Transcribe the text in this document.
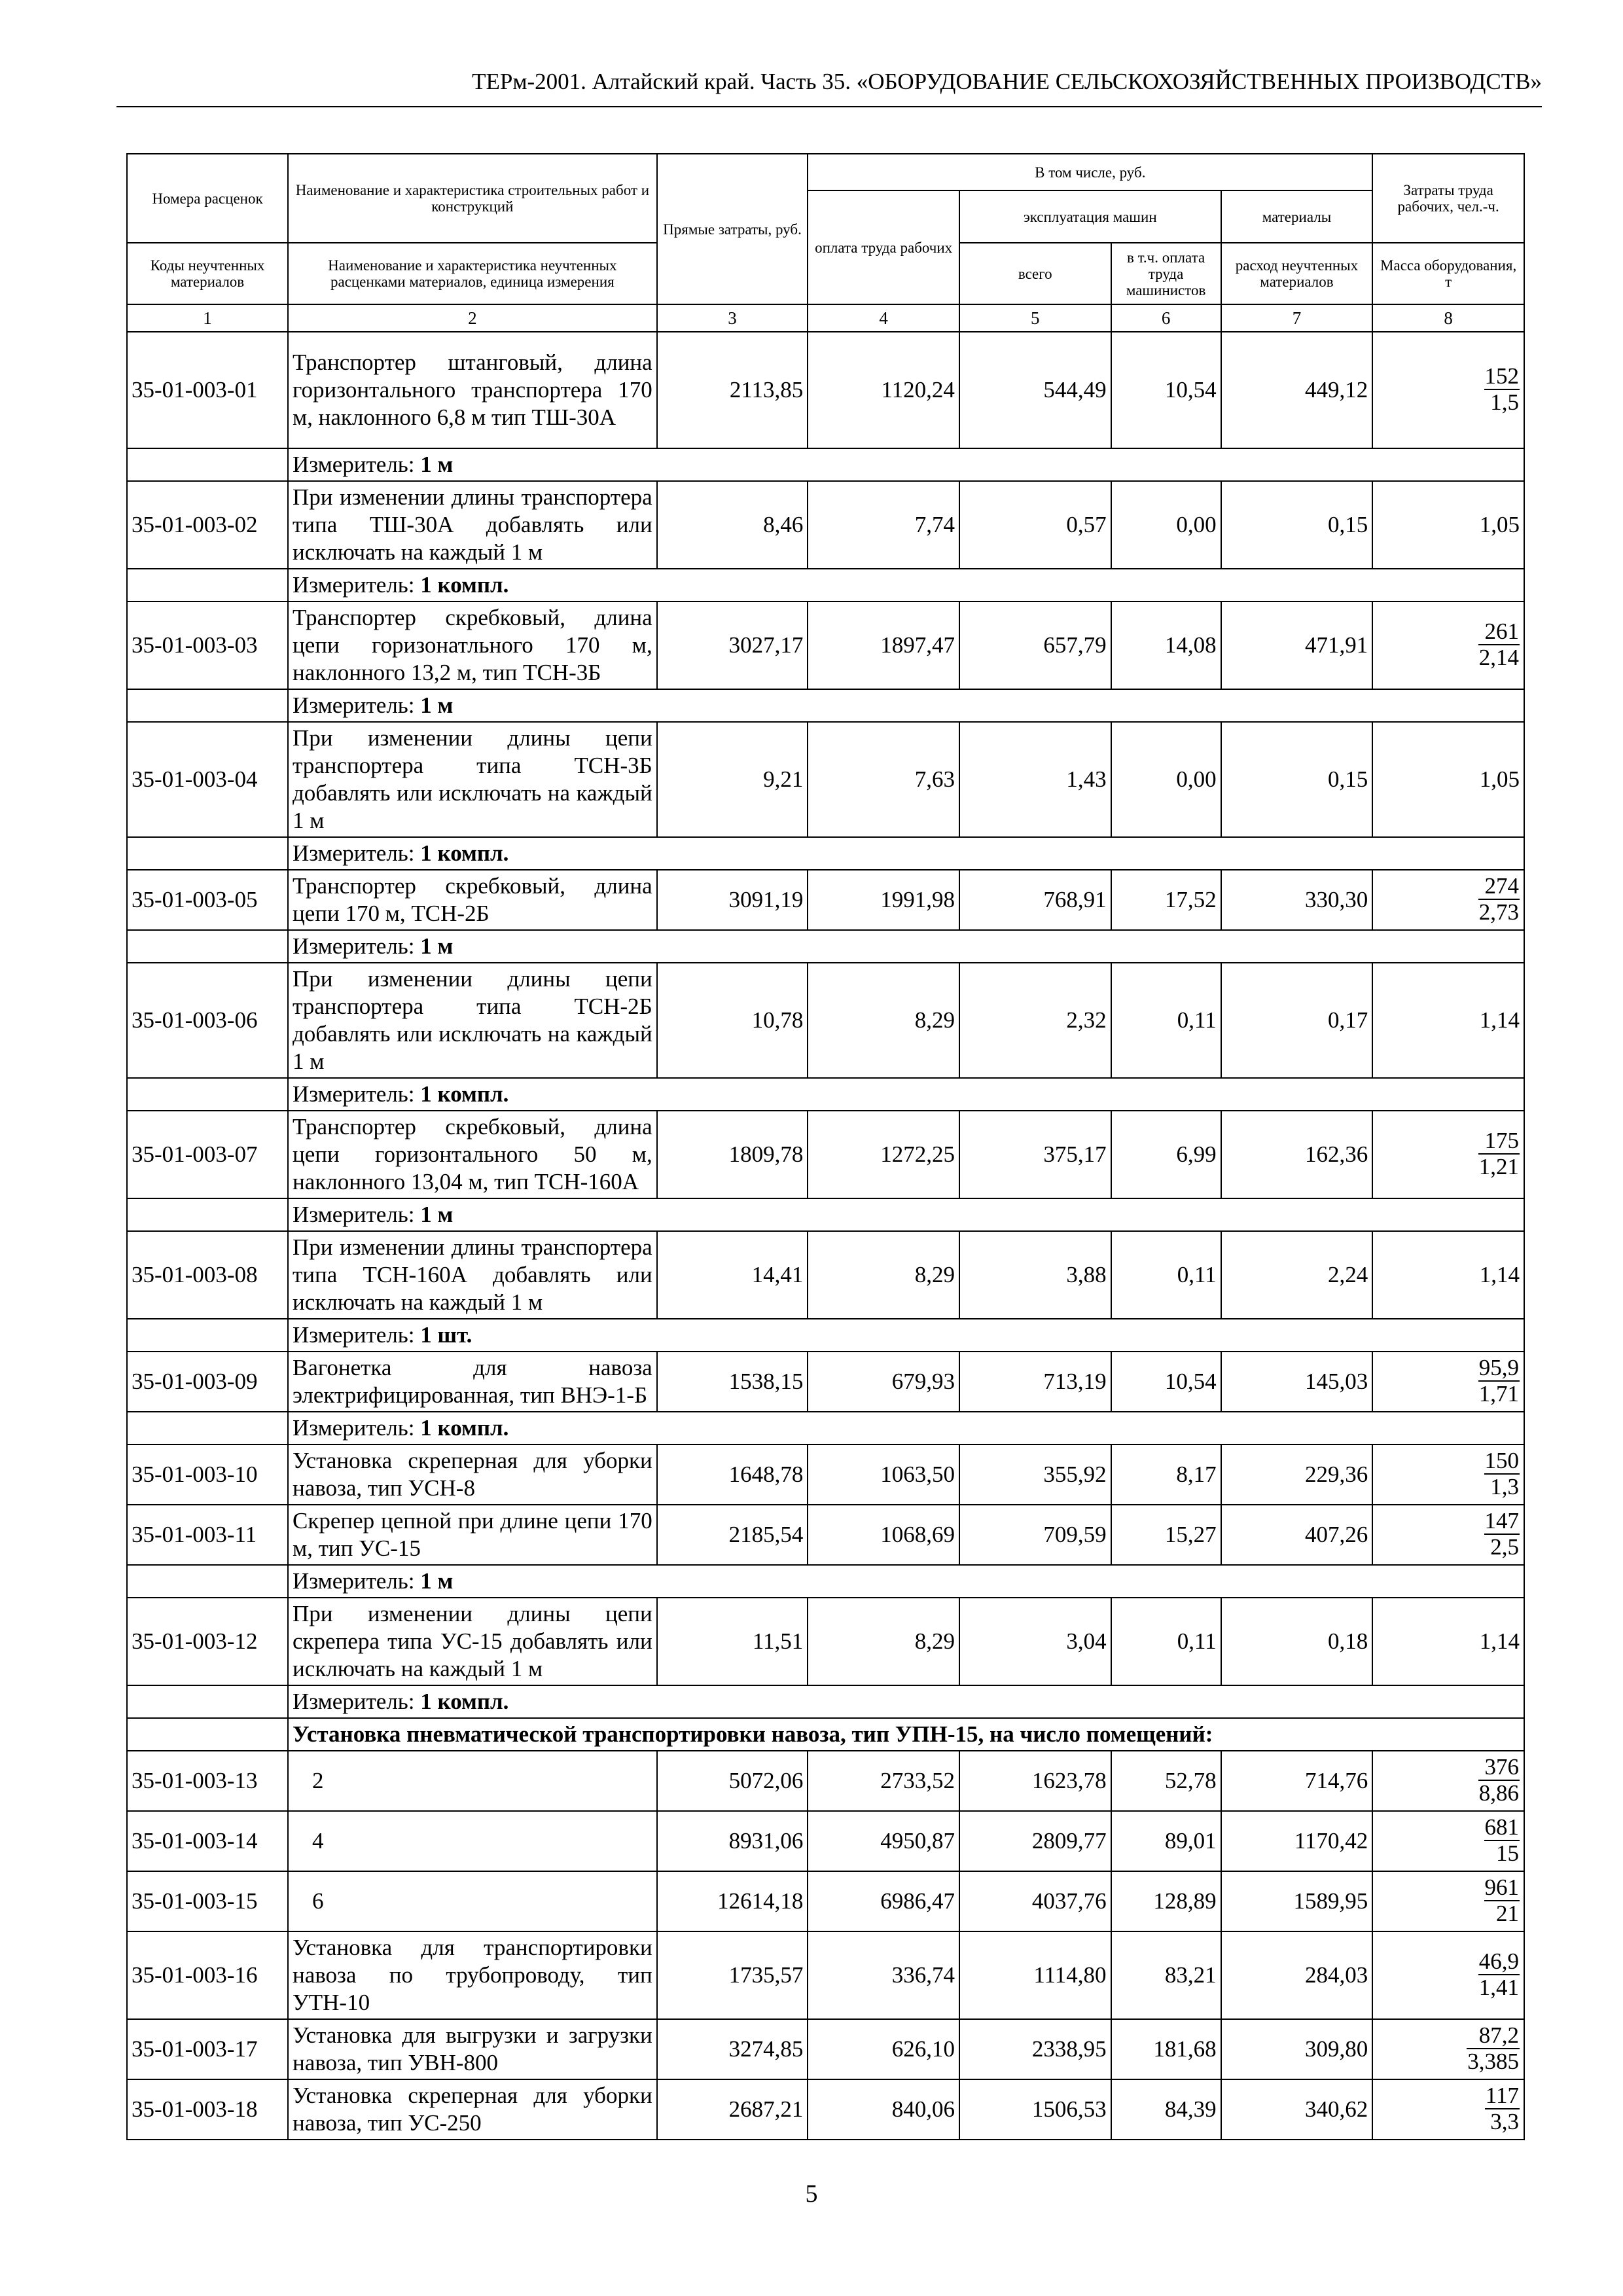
ТЕРм-2001. Алтайский край. Часть 35. «ОБОРУДОВАНИЕ СЕЛЬСКОХОЗЯЙСТВЕННЫХ ПРОИЗВОДСТВ»
Номера расценок	Наименование и характеристика строительных работ и конструкций	Прямые затраты, руб.	В том числе, руб.				Затраты труда рабочих, чел.-ч.
			оплата труда рабочих	эксплуатация машин		материалы	
Коды неучтенных материалов	Наименование и характеристика неучтенных расценками материалов, единица измерения			всего	в т.ч. оплата труда машинистов	расход неучтенных материалов	Масса оборудования, т
1	2	3	4	5	6	7	8
35-01-003-01	Транспортер штанговый, длина горизонтального транспортера 170 м, наклонного 6,8 м тип ТШ-30А	2113,85	1120,24	544,49	10,54	449,12	$\frac{152}{1,5}$

	Измеритель: 1 м						
35-01-003-02	При изменении длины транспортера типа ТШ-30А добавлять или исключать на каждый 1 м	8,46	7,74	0,57	0,00	0,15	1,05
	Измеритель: 1 компл.						
35-01-003-03	Транспортер скребковый, длина цепи горизонатльного 170 м, наклонного 13,2 м, тип ТСН-3Б	3027,17	1897,47	657,79	14,08	471,91	$\frac{261}{2,14}$

	Измеритель: 1 м						
35-01-003-04	При изменении длины цепи транспортера типа ТСН-3Б добавлять или исключать на каждый 1 м	9,21	7,63	1,43	0,00	0,15	1,05
	Измеритель: 1 компл.						
35-01-003-05	Транспортер скребковый, длина цепи 170 м, ТСН-2Б	3091,19	1991,98	768,91	17,52	330,30	$\frac{274}{2,73}$

	Измеритель: 1 м						
35-01-003-06	При изменении длины цепи транспортера типа ТСН-2Б добавлять или исключать на каждый 1 м	10,78	8,29	2,32	0,11	0,17	1,14
	Измеритель: 1 компл.						
35-01-003-07	Транспортер скребковый, длина цепи горизонтального 50 м, наклонного 13,04 м, тип ТСН-160А	1809,78	1272,25	375,17	6,99	162,36	$\frac{175}{1,21}$

	Измеритель: 1 м						
35-01-003-08	При изменении длины транспортера типа ТСН-160А добавлять или исключать на каждый 1 м	14,41	8,29	3,88	0,11	2,24	1,14
	Измеритель: 1 шт.						
35-01-003-09	Вагонетка для навоза электрифицированная, тип ВНЭ-1-Б	1538,15	679,93	713,19	10,54	145,03	$\frac{95,9}{1,71}$

	Измеритель: 1 компл.						
35-01-003-10	Установка скреперная для уборки навоза, тип УСН-8	1648,78	1063,50	355,92	8,17	229,36	$\frac{150}{1,3}$

35-01-003-11	Скрепер цепной при длине цепи 170 м, тип УС-15	2185,54	1068,69	709,59	15,27	407,26	$\frac{147}{2,5}$

	Измеритель: 1 м						
35-01-003-12	При изменении длины цепи скрепера типа УС-15 добавлять или исключать на каждый 1 м	11,51	8,29	3,04	0,11	0,18	1,14
	Измеритель: 1 компл.						
	Установка пневматической транспортировки навоза, тип УПН-15, на число помещений:						
35-01-003-13	2	5072,06	2733,52	1623,78	52,78	714,76	$\frac{376}{8,86}$

35-01-003-14	4	8931,06	4950,87	2809,77	89,01	1170,42	$\frac{681}{15}$

35-01-003-15	6	12614,18	6986,47	4037,76	128,89	1589,95	$\frac{961}{21}$

35-01-003-16	Установка для транспортировки навоза по трубопроводу, тип УТН-10	1735,57	336,74	1114,80	83,21	284,03	$\frac{46,9}{1,41}$

35-01-003-17	Установка для выгрузки и загрузки навоза, тип УВН-800	3274,85	626,10	2338,95	181,68	309,80	$\frac{87,2}{3,385}$

35-01-003-18	Установка скреперная для уборки навоза, тип УС-250	2687,21	840,06	1506,53	84,39	340,62	$\frac{117}{3,3}$
5
